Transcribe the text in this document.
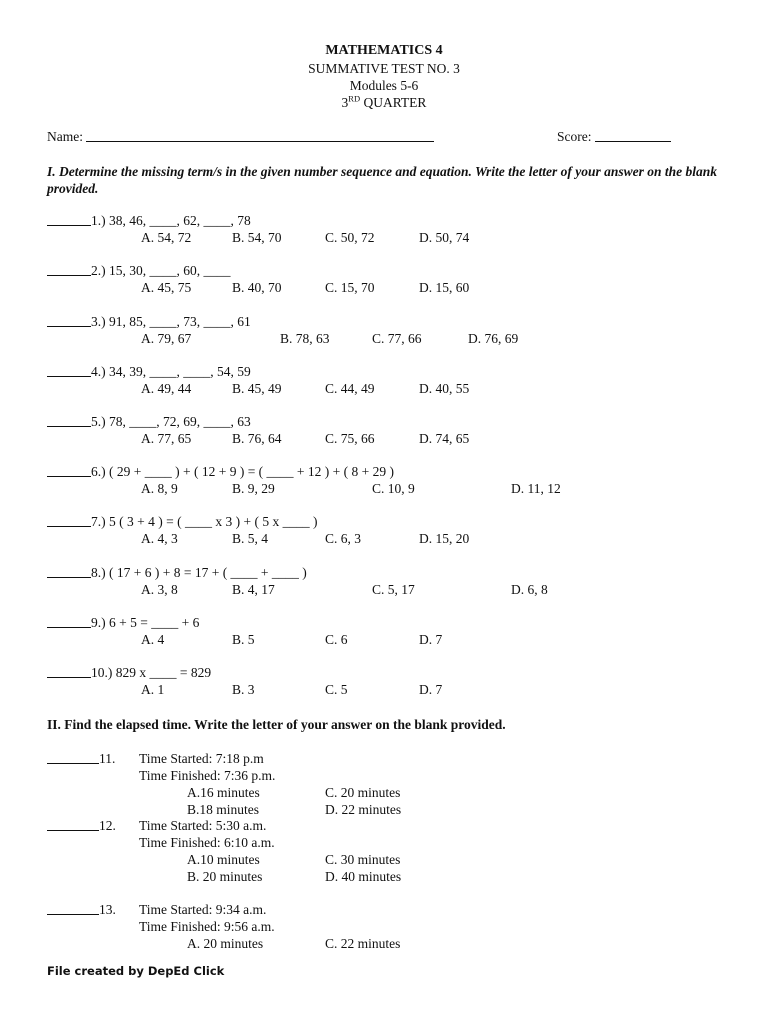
MATHEMATICS 4
SUMMATIVE TEST NO. 3
Modules 5-6
3RD QUARTER
Name:	Score:
I. Determine the missing term/s in the given number sequence and equation. Write the letter of your answer on the blank provided.
1.) 38, 46, ____, 62, ____, 78
A. 54, 72	B. 54, 70	C. 50, 72	D. 50, 74
2.) 15, 30, ____, 60, ____
A. 45, 75	B. 40, 70	C. 15, 70	D. 15, 60
3.) 91, 85, ____, 73, ____, 61
A. 79, 67	B. 78, 63	C. 77, 66	D. 76, 69
4.) 34, 39, ____, ____, 54, 59
A. 49, 44	B. 45, 49	C. 44, 49	D. 40, 55
5.) 78, ____, 72, 69, ____, 63
A. 77, 65	B. 76, 64	C. 75, 66	D. 74, 65
6.) ( 29 + ____ ) + ( 12 + 9 ) = ( ____ + 12 ) + ( 8 + 29 )
A. 8, 9	B. 9, 29	C. 10, 9	D. 11, 12
7.) 5 ( 3 + 4 ) = ( ____ x 3 ) + ( 5 x ____ )
A. 4, 3	B. 5, 4	C. 6, 3	D. 15, 20
8.) ( 17 + 6 ) + 8 = 17 + ( ____ + ____ )
A. 3, 8	B. 4, 17	C. 5, 17	D. 6, 8
9.) 6 + 5 = ____ + 6
A. 4	B. 5	C. 6	D. 7
10.) 829 x ____ = 829
A. 1	B. 3	C. 5	D. 7
II. Find the elapsed time. Write the letter of your answer on the blank provided.
11. Time Started: 7:18 p.m
Time Finished: 7:36 p.m.
A.16 minutes	C. 20 minutes
B.18 minutes	D. 22 minutes
12. Time Started: 5:30 a.m.
Time Finished: 6:10 a.m.
A.10 minutes	C. 30 minutes
B. 20 minutes	D. 40 minutes
13. Time Started: 9:34 a.m.
Time Finished: 9:56 a.m.
A. 20 minutes	C. 22 minutes
File created by DepEd Click
